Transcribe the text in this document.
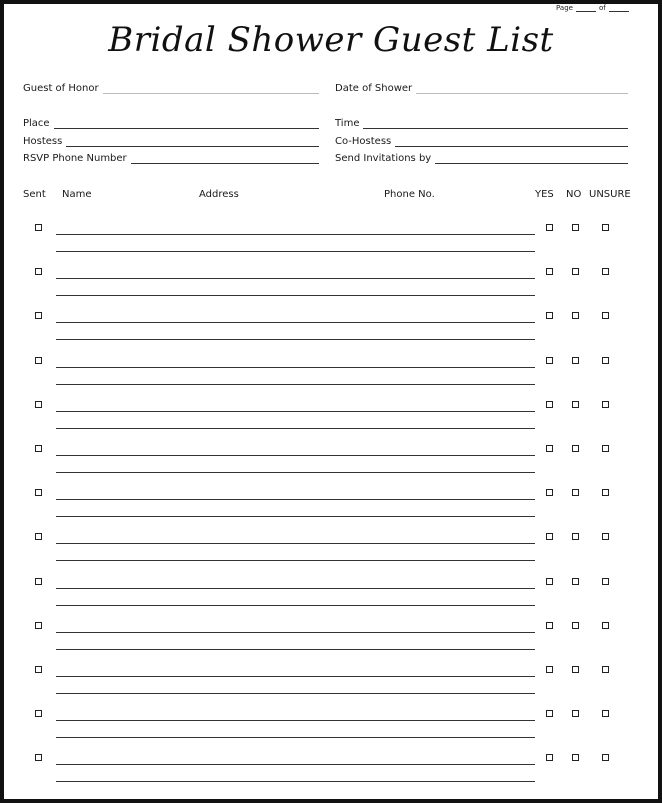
Page	of
Bridal Shower Guest List
Guest of Honor	Date of Shower
Place	Time
Hostess	Co-Hostess
RSVP Phone Number	Send Invitations by
Sent Name	Address	Phone No.	YES NO UNSURE
